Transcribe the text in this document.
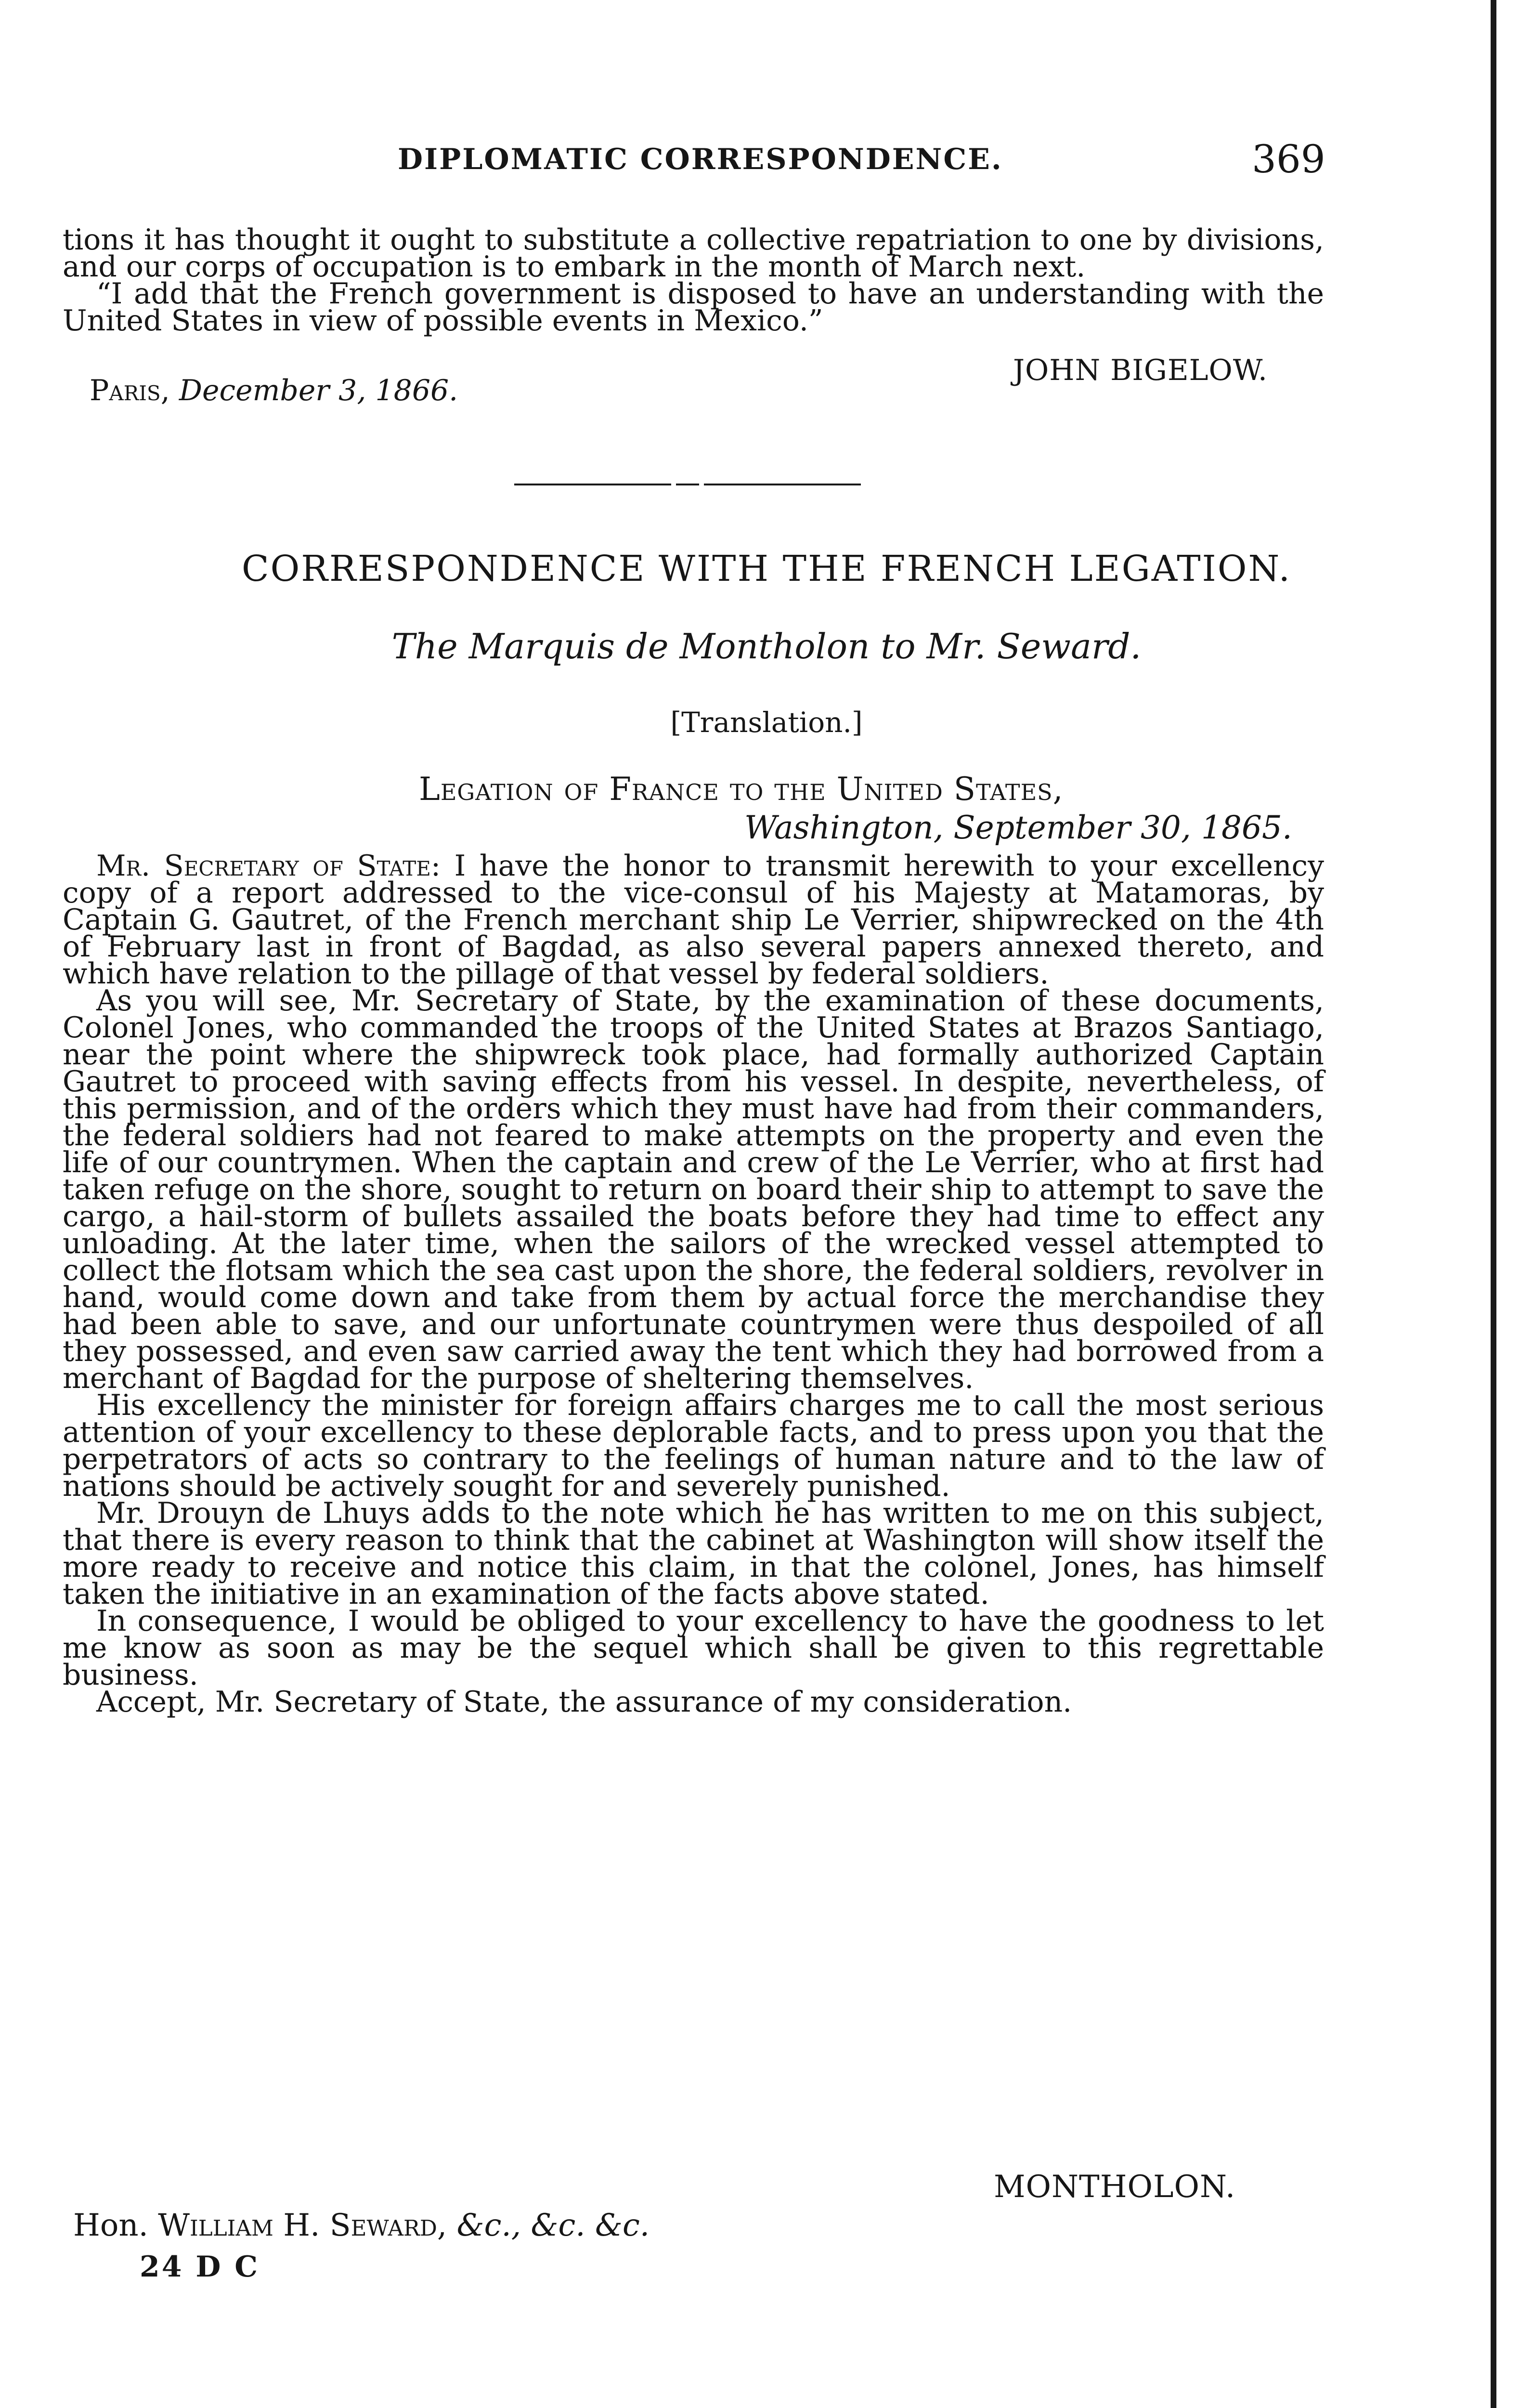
DIPLOMATIC CORRESPONDENCE.	369

tions it has thought it ought to substitute a collective repatriation to one by divisions, and our corps of occupation is to embark in the month of March next.

“I add that the French government is disposed to have an understanding with the United States in view of possible events in Mexico.”

JOHN BIGELOW.
Paris, December 3, 1866.
CORRESPONDENCE WITH THE FRENCH LEGATION.
The Marquis de Montholon to Mr. Seward.
[Translation.]
Legation of France to the United States,
Washington, September 30, 1865.

Mr. Secretary of State: I have the honor to transmit herewith to your excellency copy of a report addressed to the vice-consul of his Majesty at Matamoras, by Captain G. Gautret, of the French merchant ship Le Verrier, shipwrecked on the 4th of February last in front of Bagdad, as also several papers annexed thereto, and which have relation to the pillage of that vessel by federal soldiers.

As you will see, Mr. Secretary of State, by the examination of these documents, Colonel Jones, who commanded the troops of the United States at Brazos Santiago, near the point where the shipwreck took place, had formally authorized Captain Gautret to proceed with saving effects from his vessel. In despite, nevertheless, of this permission, and of the orders which they must have had from their commanders, the federal soldiers had not feared to make attempts on the property and even the life of our countrymen. When the captain and crew of the Le Verrier, who at first had taken refuge on the shore, sought to return on board their ship to attempt to save the cargo, a hail-storm of bullets assailed the boats before they had time to effect any unloading. At the later time, when the sailors of the wrecked vessel attempted to collect the flotsam which the sea cast upon the shore, the federal soldiers, revolver in hand, would come down and take from them by actual force the merchandise they had been able to save, and our unfortunate countrymen were thus despoiled of all they possessed, and even saw carried away the tent which they had borrowed from a merchant of Bagdad for the purpose of sheltering themselves.

His excellency the minister for foreign affairs charges me to call the most serious attention of your excellency to these deplorable facts, and to press upon you that the perpetrators of acts so contrary to the feelings of human nature and to the law of nations should be actively sought for and severely punished.

Mr. Drouyn de Lhuys adds to the note which he has written to me on this subject, that there is every reason to think that the cabinet at Washington will show itself the more ready to receive and notice this claim, in that the colonel, Jones, has himself taken the initiative in an examination of the facts above stated.

In consequence, I would be obliged to your excellency to have the goodness to let me know as soon as may be the sequel which shall be given to this regrettable business.

Accept, Mr. Secretary of State, the assurance of my consideration.

MONTHOLON.
Hon. William H. Seward, &c., &c. &c.
24 D C
